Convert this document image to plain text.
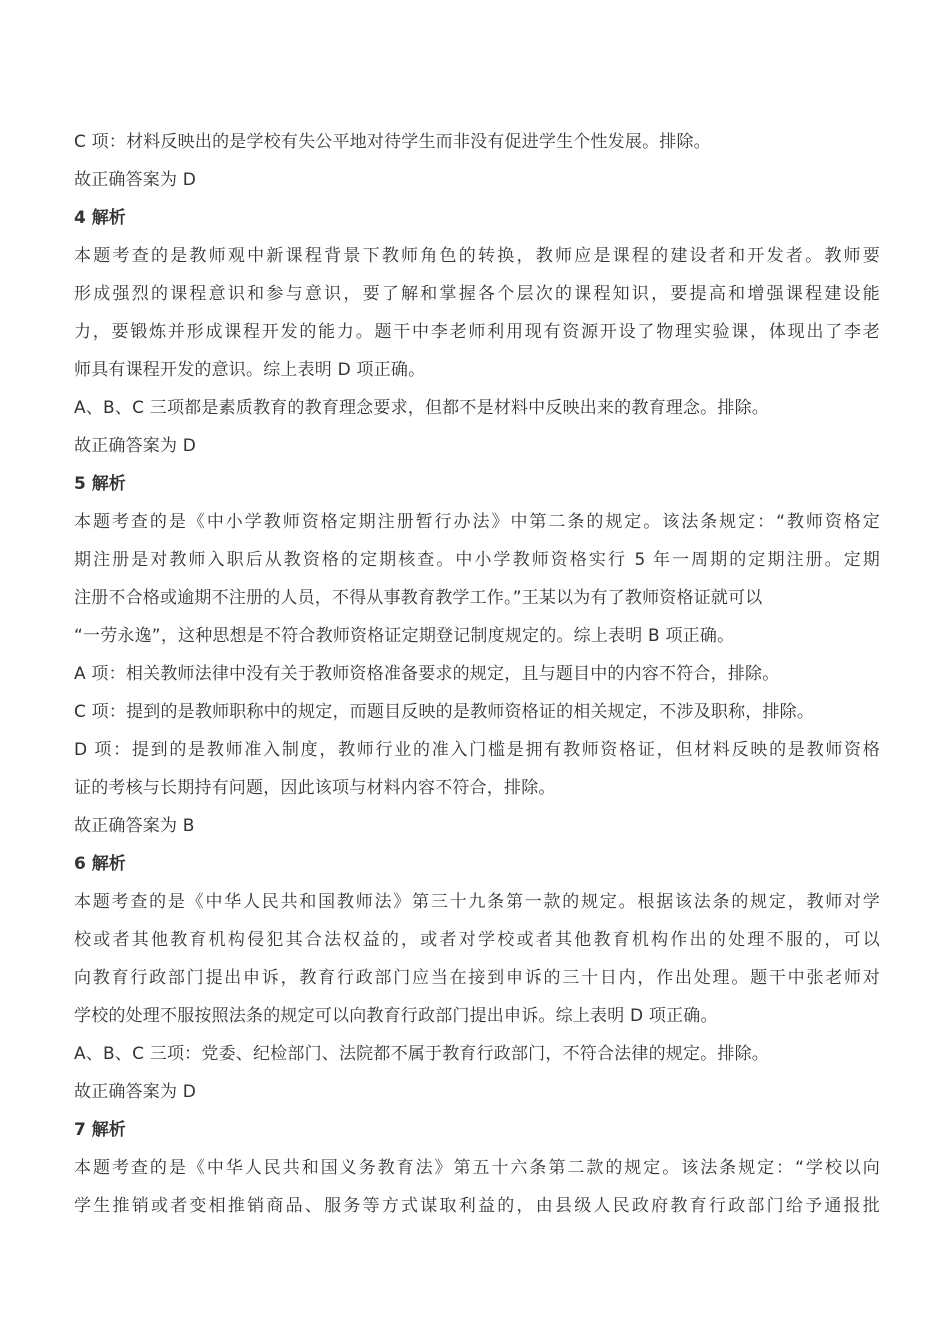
C 项：材料反映出的是学校有失公平地对待学生而非没有促进学生个性发展。排除。
故正确答案为 D
4 解析
本题考查的是教师观中新课程背景下教师角色的转换，教师应是课程的建设者和开发者。教师要
形成强烈的课程意识和参与意识，要了解和掌握各个层次的课程知识，要提高和增强课程建设能
力，要锻炼并形成课程开发的能力。题干中李老师利用现有资源开设了物理实验课，体现出了李老
师具有课程开发的意识。综上表明 D 项正确。
A、B、C 三项都是素质教育的教育理念要求，但都不是材料中反映出来的教育理念。排除。
故正确答案为 D
5 解析
本题考查的是《中小学教师资格定期注册暂行办法》中第二条的规定。该法条规定：“教师资格定
期注册是对教师入职后从教资格的定期核查。中小学教师资格实行 5 年一周期的定期注册。定期
注册不合格或逾期不注册的人员，不得从事教育教学工作。”王某以为有了教师资格证就可以
“一劳永逸”，这种思想是不符合教师资格证定期登记制度规定的。综上表明 B 项正确。
A 项：相关教师法律中没有关于教师资格准备要求的规定，且与题目中的内容不符合，排除。
C 项：提到的是教师职称中的规定，而题目反映的是教师资格证的相关规定，不涉及职称，排除。
D 项：提到的是教师准入制度，教师行业的准入门槛是拥有教师资格证，但材料反映的是教师资格
证的考核与长期持有问题，因此该项与材料内容不符合，排除。
故正确答案为 B
6 解析
本题考查的是《中华人民共和国教师法》第三十九条第一款的规定。根据该法条的规定，教师对学
校或者其他教育机构侵犯其合法权益的，或者对学校或者其他教育机构作出的处理不服的，可以
向教育行政部门提出申诉，教育行政部门应当在接到申诉的三十日内，作出处理。题干中张老师对
学校的处理不服按照法条的规定可以向教育行政部门提出申诉。综上表明 D 项正确。
A、B、C 三项：党委、纪检部门、法院都不属于教育行政部门，不符合法律的规定。排除。
故正确答案为 D
7 解析
本题考查的是《中华人民共和国义务教育法》第五十六条第二款的规定。该法条规定：“学校以向
学生推销或者变相推销商品、服务等方式谋取利益的，由县级人民政府教育行政部门给予通报批
